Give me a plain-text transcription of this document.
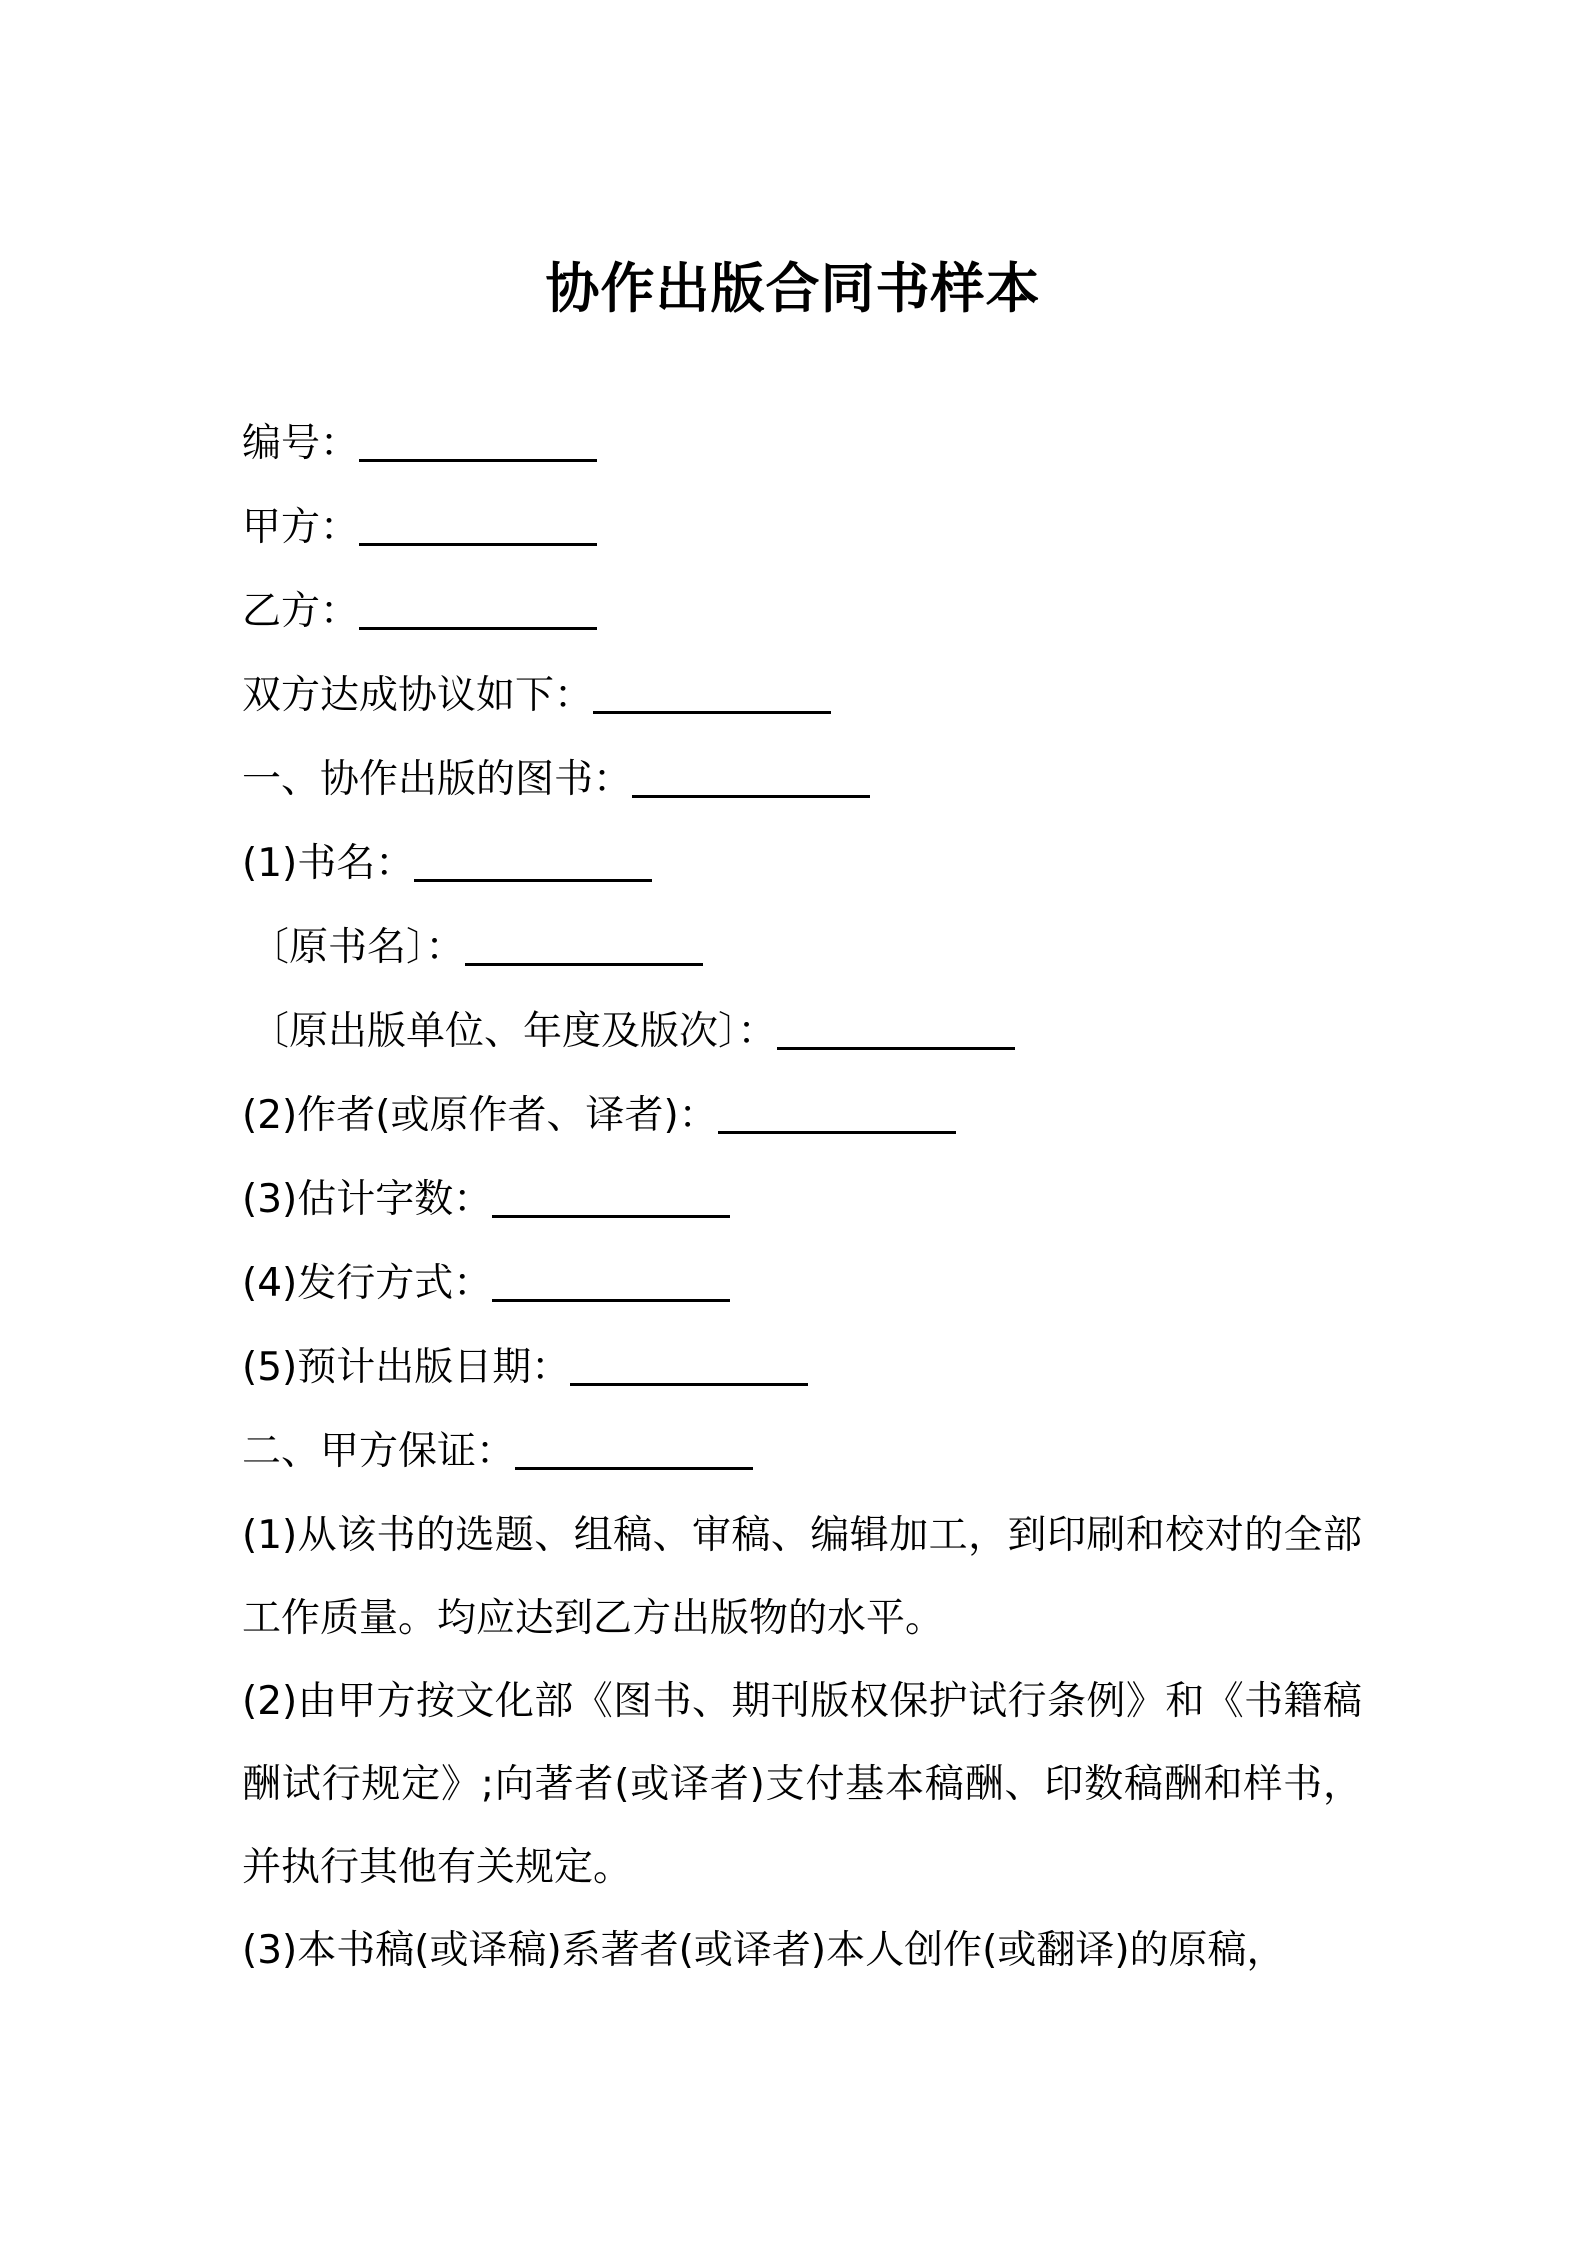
协作出版合同书样本
编号：
甲方：
乙方：
双方达成协议如下：
一、协作出版的图书：
(1)书名：
〔原书名〕：
〔原出版单位、年度及版次〕：
(2)作者(或原作者、译者)：
(3)估计字数：
(4)发行方式：
(5)预计出版日期：
二、甲方保证：
(1)从该书的选题、组稿、审稿、编辑加工，到印刷和校对的全部工作质量。均应达到乙方出版物的水平。
(2)由甲方按文化部《图书、期刊版权保护试行条例》和《书籍稿酬试行规定》;向著者(或译者)支付基本稿酬、印数稿酬和样书，并执行其他有关规定。
(3)本书稿(或译稿)系著者(或译者)本人创作(或翻译)的原稿，
